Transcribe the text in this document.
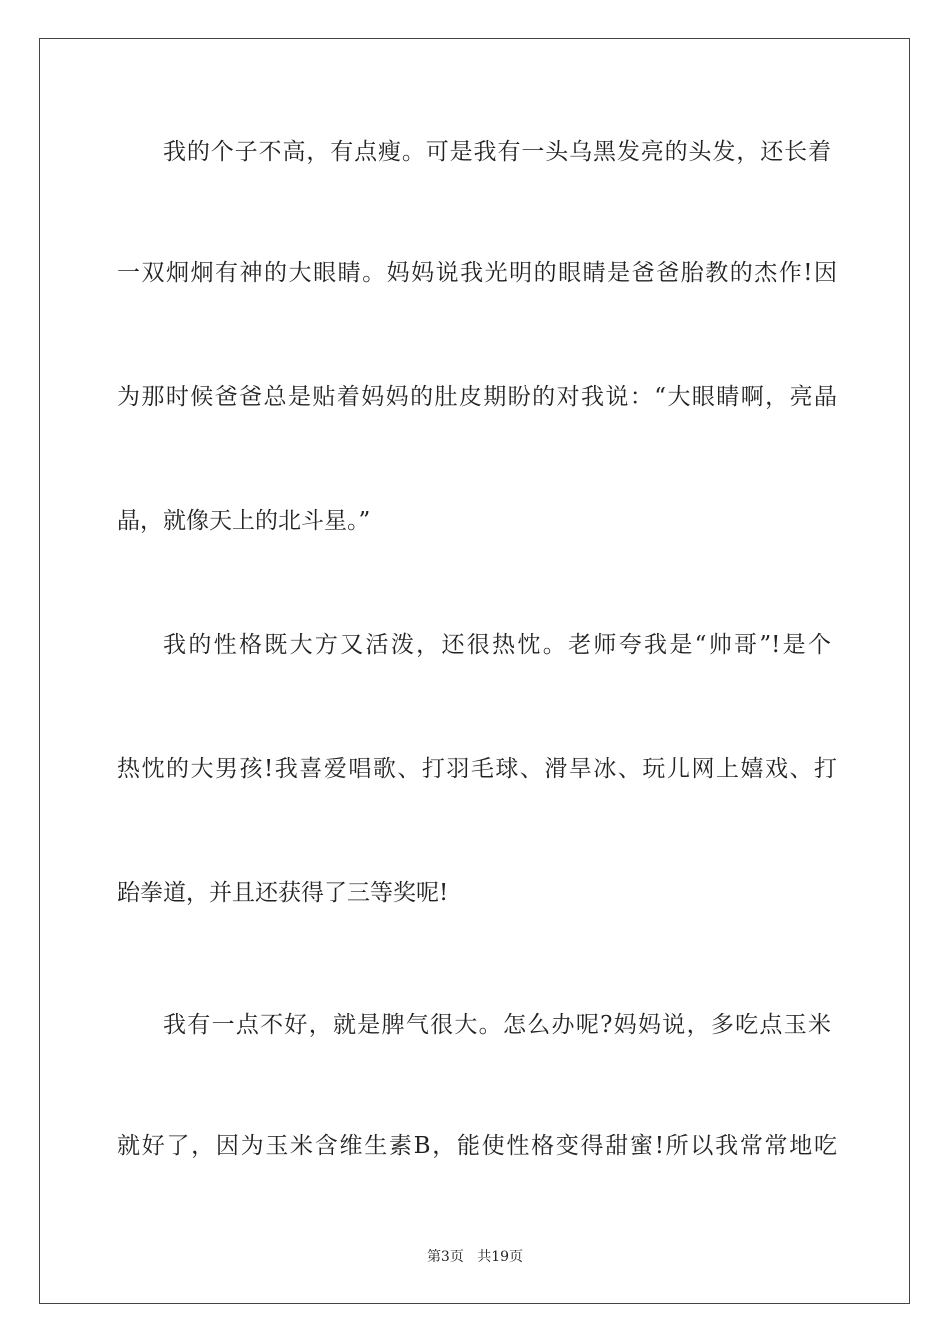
我的个子不高，有点瘦。可是我有一头乌黑发亮的头发，还长着
一双炯炯有神的大眼睛。妈妈说我光明的眼睛是爸爸胎教的杰作!因
为那时候爸爸总是贴着妈妈的肚皮期盼的对我说：“大眼睛啊，亮晶
晶，就像天上的北斗星。”
我的性格既大方又活泼，还很热忱。老师夸我是“帅哥”!是个
热忱的大男孩!我喜爱唱歌、打羽毛球、滑旱冰、玩儿网上嬉戏、打
跆拳道，并且还获得了三等奖呢!
我有一点不好，就是脾气很大。怎么办呢?妈妈说，多吃点玉米
就好了，因为玉米含维生素B，能使性格变得甜蜜!所以我常常地吃
第3页 共19页
